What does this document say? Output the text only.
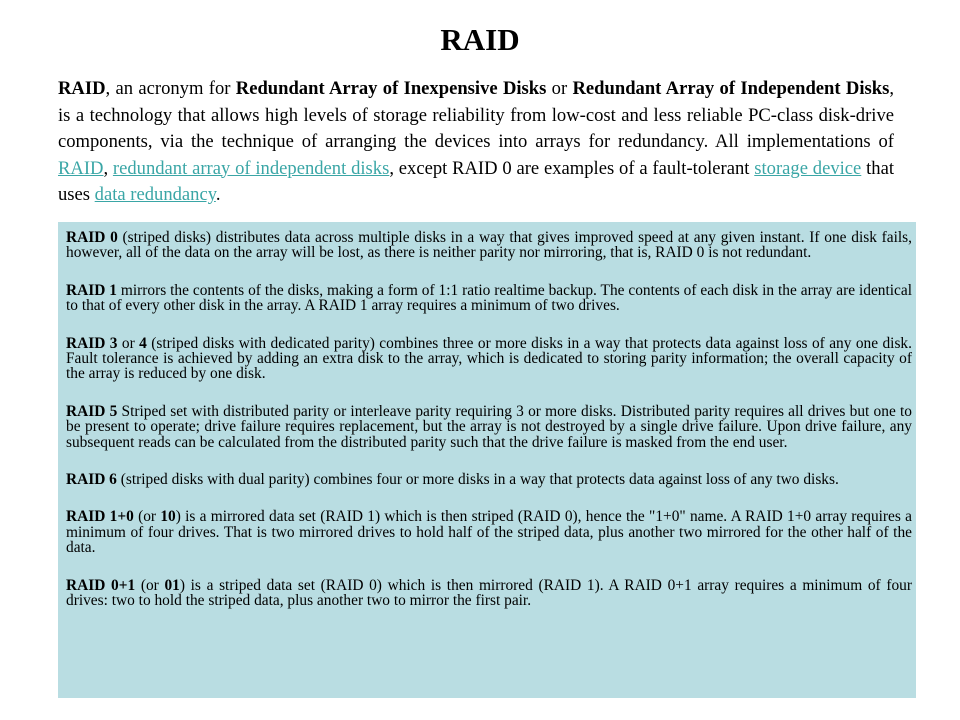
RAID

RAID, an acronym for Redundant Array of Inexpensive Disks or Redundant Array of Independent Disks, is a technology that allows high levels of storage reliability from low-cost and less reliable PC-class disk-drive components, via the technique of arranging the devices into arrays for redundancy. All implementations of RAID, redundant array of independent disks, except RAID 0 are examples of a fault-tolerant storage device that uses data redundancy.

RAID 0 (striped disks) distributes data across multiple disks in a way that gives improved speed at any given instant. If one disk fails, however, all of the data on the array will be lost, as there is neither parity nor mirroring, that is, RAID 0 is not redundant.

RAID 1 mirrors the contents of the disks, making a form of 1:1 ratio realtime backup. The contents of each disk in the array are identical to that of every other disk in the array. A RAID 1 array requires a minimum of two drives.

RAID 3 or 4 (striped disks with dedicated parity) combines three or more disks in a way that protects data against loss of any one disk. Fault tolerance is achieved by adding an extra disk to the array, which is dedicated to storing parity information; the overall capacity of the array is reduced by one disk.

RAID 5 Striped set with distributed parity or interleave parity requiring 3 or more disks. Distributed parity requires all drives but one to be present to operate; drive failure requires replacement, but the array is not destroyed by a single drive failure. Upon drive failure, any subsequent reads can be calculated from the distributed parity such that the drive failure is masked from the end user.

RAID 6 (striped disks with dual parity) combines four or more disks in a way that protects data against loss of any two disks.

RAID 1+0 (or 10) is a mirrored data set (RAID 1) which is then striped (RAID 0), hence the "1+0" name. A RAID 1+0 array requires a minimum of four drives. That is two mirrored drives to hold half of the striped data, plus another two mirrored for the other half of the data.

RAID 0+1 (or 01) is a striped data set (RAID 0) which is then mirrored (RAID 1). A RAID 0+1 array requires a minimum of four drives: two to hold the striped data, plus another two to mirror the first pair.
